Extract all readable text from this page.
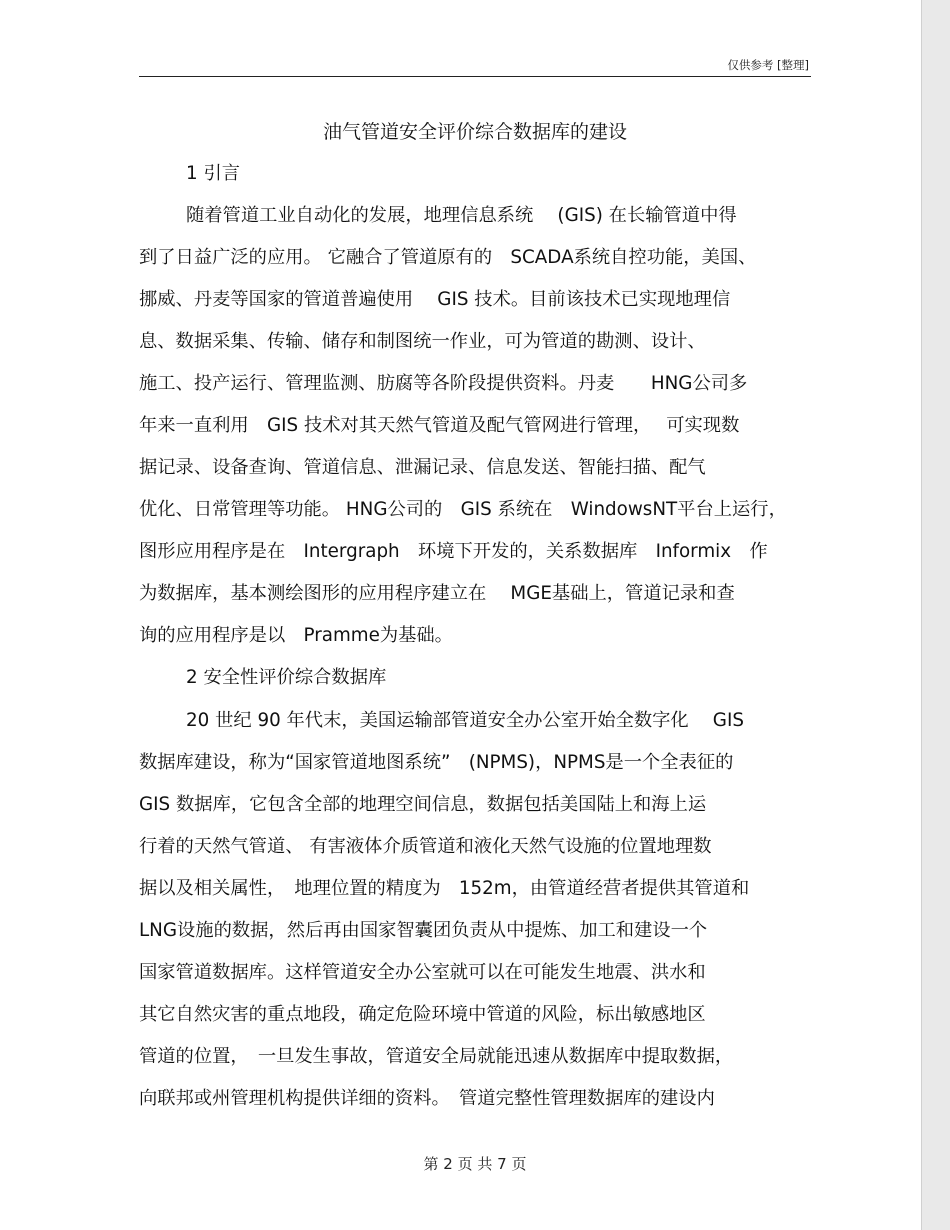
仅供参考 [整理]
油气管道安全评价综合数据库的建设
1 引言
随着管道工业自动化的发展，地理信息系统　 (GIS) 在长输管道中得
到了日益广泛的应用。 它融合了管道原有的　SCADA系统自控功能，美国、
挪威、丹麦等国家的管道普遍使用　 GIS 技术。目前该技术已实现地理信
息、数据采集、传输、储存和制图统一作业，可为管道的勘测、设计、
施工、投产运行、管理监测、肪腐等各阶段提供资料。丹麦　　HNG公司多
年来一直利用　GIS 技术对其天然气管道及配气管网进行管理，　 可实现数
据记录、设备查询、管道信息、泄漏记录、信息发送、智能扫描、配气
优化、日常管理等功能。 HNG公司的　GIS 系统在　WindowsNT平台上运行，
图形应用程序是在　Intergraph　环境下开发的，关系数据库　Informix　作
为数据库，基本测绘图形的应用程序建立在　 MGE基础上，管道记录和查
询的应用程序是以　Pramme为基础。
2 安全性评价综合数据库
20 世纪 90 年代末，美国运输部管道安全办公室开始全数字化　 GIS
数据库建设，称为“国家管道地图系统”　(NPMS)，NPMS是一个全表征的
GIS 数据库，它包含全部的地理空间信息，数据包括美国陆上和海上运
行着的天然气管道、 有害液体介质管道和液化天然气设施的位置地理数
据以及相关属性，　地理位置的精度为　152m，由管道经营者提供其管道和
LNG设施的数据，然后再由国家智囊团负责从中提炼、加工和建设一个
国家管道数据库。这样管道安全办公室就可以在可能发生地震、洪水和
其它自然灾害的重点地段，确定危险环境中管道的风险，标出敏感地区
管道的位置，　一旦发生事故，管道安全局就能迅速从数据库中提取数据，
向联邦或州管理机构提供详细的资料。　管道完整性管理数据库的建设内
第 2 页 共 7 页
